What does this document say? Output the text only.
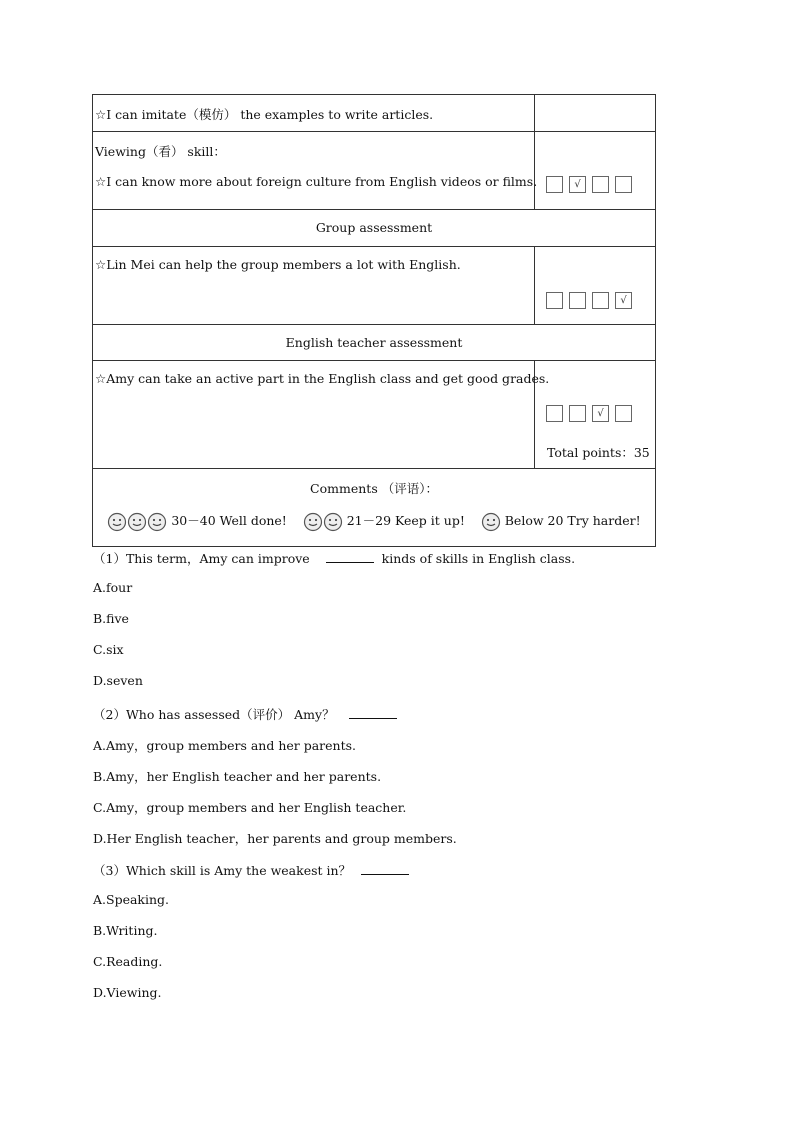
☆I can imitate（模仿） the examples to write articles.	

Viewing（看） skill：
☆I can know more about foreign culture from English videos or films.	√

Group assessment	

☆Lin Mei can help the group members a lot with English.	√

English teacher assessment	

☆Amy can take an active part in the English class and get good grades.	√
Total points：35

Comments （评语）：
30－40 Well done! 21－29 Keep it up! Below 20 Try harder!	
（1）This term，Amy can improve	kinds of skills in English class.
A.four
B.five
C.six
D.seven
（2）Who has assessed（评价） Amy？
A.Amy，group members and her parents.
B.Amy，her English teacher and her parents.
C.Amy，group members and her English teacher.
D.Her English teacher，her parents and group members.
（3）Which skill is Amy the weakest in？
A.Speaking.
B.Writing.
C.Reading.
D.Viewing.
